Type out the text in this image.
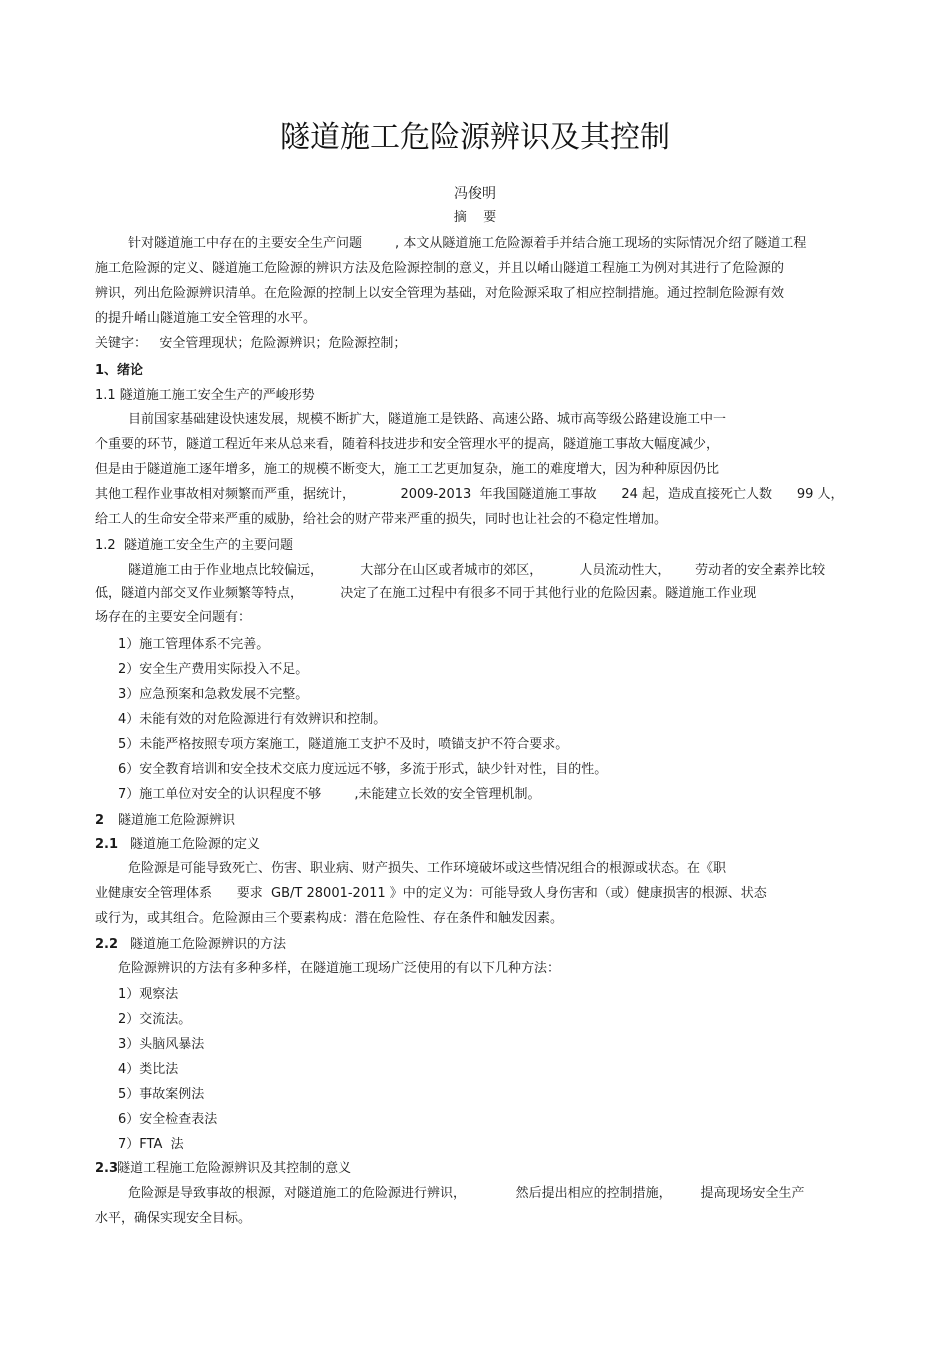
隧道施工危险源辨识及其控制
冯俊明
摘    要
针对隧道施工中存在的主要安全生产问题        , 本文从隧道施工危险源着手并结合施工现场的实际情况介绍了隧道工程
施工危险源的定义、隧道施工危险源的辨识方法及危险源控制的意义，并且以崤山隧道工程施工为例对其进行了危险源的
辨识，列出危险源辨识清单。在危险源的控制上以安全管理为基础，对危险源采取了相应控制措施。通过控制危险源有效
的提升崤山隧道施工安全管理的水平。
关键字：   安全管理现状；危险源辨识；危险源控制；
1、绪论
1.1 隧道施工施工安全生产的严峻形势
目前国家基础建设快速发展，规模不断扩大，隧道施工是铁路、高速公路、城市高等级公路建设施工中一
个重要的环节，隧道工程近年来从总来看，随着科技进步和安全管理水平的提高，隧道施工事故大幅度减少，
但是由于隧道施工逐年增多，施工的规模不断变大，施工工艺更加复杂，施工的难度增大，因为种种原因仍比
其他工程作业事故相对频繁而严重，据统计，           2009-2013  年我国隧道施工事故      24 起，造成直接死亡人数      99 人，
给工人的生命安全带来严重的威胁，给社会的财产带来严重的损失，同时也让社会的不稳定性增加。
1.2  隧道施工安全生产的主要问题
隧道施工由于作业地点比较偏远，         大部分在山区或者城市的郊区，         人员流动性大，      劳动者的安全素养比较
低，隧道内部交叉作业频繁等特点，         决定了在施工过程中有很多不同于其他行业的危险因素。隧道施工作业现
场存在的主要安全问题有：
1）施工管理体系不完善。
2）安全生产费用实际投入不足。
3）应急预案和急救发展不完整。
4）未能有效的对危险源进行有效辨识和控制。
5）未能严格按照专项方案施工，隧道施工支护不及时，喷锚支护不符合要求。
6）安全教育培训和安全技术交底力度远远不够，多流于形式，缺少针对性，目的性。
7）施工单位对安全的认识程度不够        ,未能建立长效的安全管理机制。
2 隧道施工危险源辨识
2.1 隧道施工危险源的定义
危险源是可能导致死亡、伤害、职业病、财产损失、工作环境破坏或这些情况组合的根源或状态。在《职
业健康安全管理体系      要求  GB/T 28001-2011 》中的定义为：可能导致人身伤害和（或）健康损害的根源、状态
或行为，或其组合。危险源由三个要素构成：潜在危险性、存在条件和触发因素。
2.2 隧道施工危险源辨识的方法
危险源辨识的方法有多种多样，在隧道施工现场广泛使用的有以下几种方法：
1）观察法
2）交流法。
3）头脑风暴法
4）类比法
5）事故案例法
6）安全检查表法
7）FTA  法
2.3
隧道工程施工危险源辨识及其控制的意义
危险源是导致事故的根源，对隧道施工的危险源进行辨识，            然后提出相应的控制措施，       提高现场安全生产
水平，确保实现安全目标。
